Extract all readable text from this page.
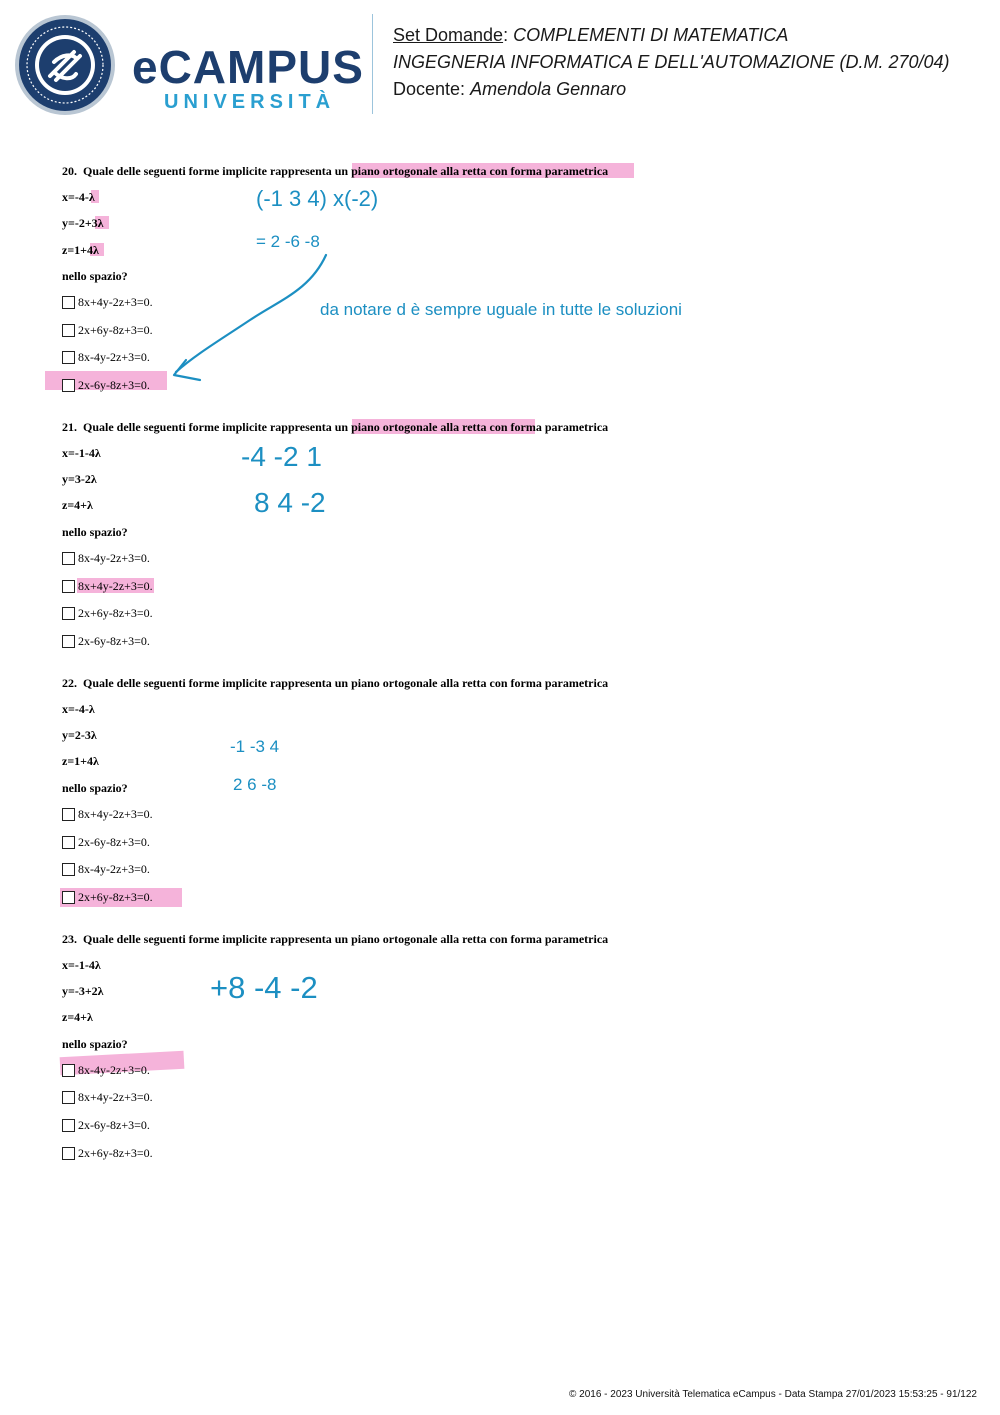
eCAMPUS
UNIVERSITÀ
Set Domande: COMPLEMENTI DI MATEMATICA
INGEGNERIA INFORMATICA E DELL'AUTOMAZIONE (D.M. 270/04)
Docente: Amendola Gennaro
20. Quale delle seguenti forme implicite rappresenta un piano ortogonale alla retta con forma parametrica
x=-4-λ
y=-2+3λ
z=1+4λ
nello spazio?
8x+4y-2z+3=0.
2x+6y-8z+3=0.
8x-4y-2z+3=0.
2x-6y-8z+3=0.
21. Quale delle seguenti forme implicite rappresenta un piano ortogonale alla retta con forma parametrica
x=-1-4λ
y=3-2λ
z=4+λ
nello spazio?
8x-4y-2z+3=0.
8x+4y-2z+3=0.
2x+6y-8z+3=0.
2x-6y-8z+3=0.
22. Quale delle seguenti forme implicite rappresenta un piano ortogonale alla retta con forma parametrica
x=-4-λ
y=2-3λ
z=1+4λ
nello spazio?
8x+4y-2z+3=0.
2x-6y-8z+3=0.
8x-4y-2z+3=0.
2x+6y-8z+3=0.
23. Quale delle seguenti forme implicite rappresenta un piano ortogonale alla retta con forma parametrica
x=-1-4λ
y=-3+2λ
z=4+λ
nello spazio?
8x-4y-2z+3=0.
8x+4y-2z+3=0.
2x-6y-8z+3=0.
2x+6y-8z+3=0.
(-1 3 4) x(-2)
= 2 -6 -8
da notare d è sempre uguale in tutte le soluzioni
-4 -2 1
8 4 -2
-1 -3 4
2 6 -8
+8 -4 -2
© 2016 - 2023 Università Telematica eCampus - Data Stampa 27/01/2023 15:53:25 - 91/122
